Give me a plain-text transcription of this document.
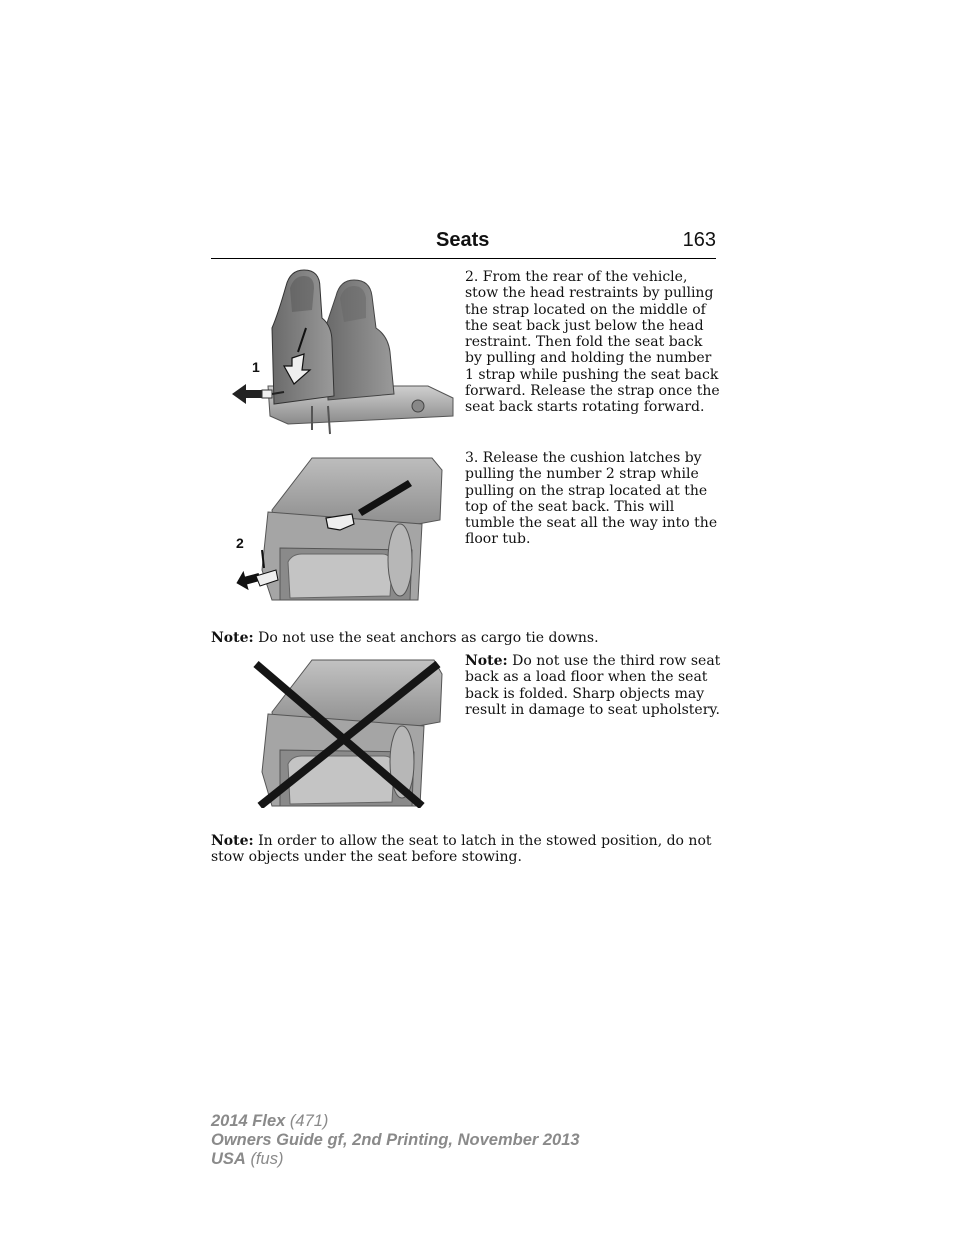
Seats	163
1
2. From the rear of the vehicle, stow the head restraints by pulling the strap located on the middle of the seat back just below the head restraint. Then fold the seat back by pulling and holding the number 1 strap while pushing the seat back forward. Release the strap once the seat back starts rotating forward.
2
3. Release the cushion latches by pulling the number 2 strap while pulling on the strap located at the top of the seat back. This will tumble the seat all the way into the floor tub.
Note: Do not use the seat anchors as cargo tie downs.
Note: Do not use the third row seat back as a load floor when the seat back is folded. Sharp objects may result in damage to seat upholstery.
Note: In order to allow the seat to latch in the stowed position, do not stow objects under the seat before stowing.
2014 Flex (471)
Owners Guide gf, 2nd Printing, November 2013
USA (fus)
